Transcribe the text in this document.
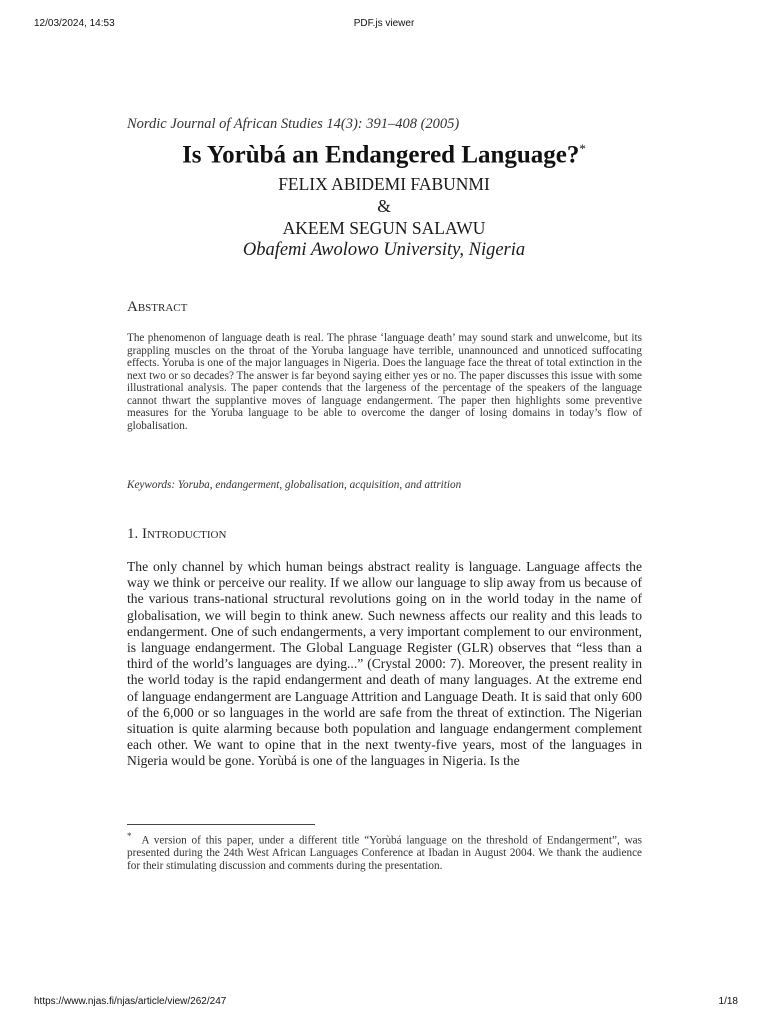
12/03/2024, 14:53	PDF.js viewer
Nordic Journal of African Studies 14(3): 391–408 (2005)
Is Yorùbá an Endangered Language?*
FELIX ABIDEMI FABUNMI
&
AKEEM SEGUN SALAWU
Obafemi Awolowo University, Nigeria
Abstract
The phenomenon of language death is real. The phrase ‘language death’ may sound stark and unwelcome, but its grappling muscles on the throat of the Yoruba language have terrible, unannounced and unnoticed suffocating effects. Yoruba is one of the major languages in Nigeria. Does the language face the threat of total extinction in the next two or so decades? The answer is far beyond saying either yes or no. The paper discusses this issue with some illustrational analysis. The paper contends that the largeness of the percentage of the speakers of the language cannot thwart the supplantive moves of language endangerment. The paper then highlights some preventive measures for the Yoruba language to be able to overcome the danger of losing domains in today’s flow of globalisation.
Keywords: Yoruba, endangerment, globalisation, acquisition, and attrition
1. Introduction
The only channel by which human beings abstract reality is language. Language affects the way we think or perceive our reality. If we allow our language to slip away from us because of the various trans-national structural revolutions going on in the world today in the name of globalisation, we will begin to think anew. Such newness affects our reality and this leads to endangerment. One of such endangerments, a very important complement to our environment, is language endangerment. The Global Language Register (GLR) observes that “less than a third of the world’s languages are dying...” (Crystal 2000: 7). Moreover, the present reality in the world today is the rapid endangerment and death of many languages. At the extreme end of language endangerment are Language Attrition and Language Death. It is said that only 600 of the 6,000 or so languages in the world are safe from the threat of extinction. The Nigerian situation is quite alarming because both population and language endangerment complement each other. We want to opine that in the next twenty-five years, most of the languages in Nigeria would be gone. Yorùbá is one of the languages in Nigeria. Is the
* A version of this paper, under a different title “Yorùbá language on the threshold of Endangerment”, was presented during the 24th West African Languages Conference at Ibadan in August 2004. We thank the audience for their stimulating discussion and comments during the presentation.
https://www.njas.fi/njas/article/view/262/247	1/18
